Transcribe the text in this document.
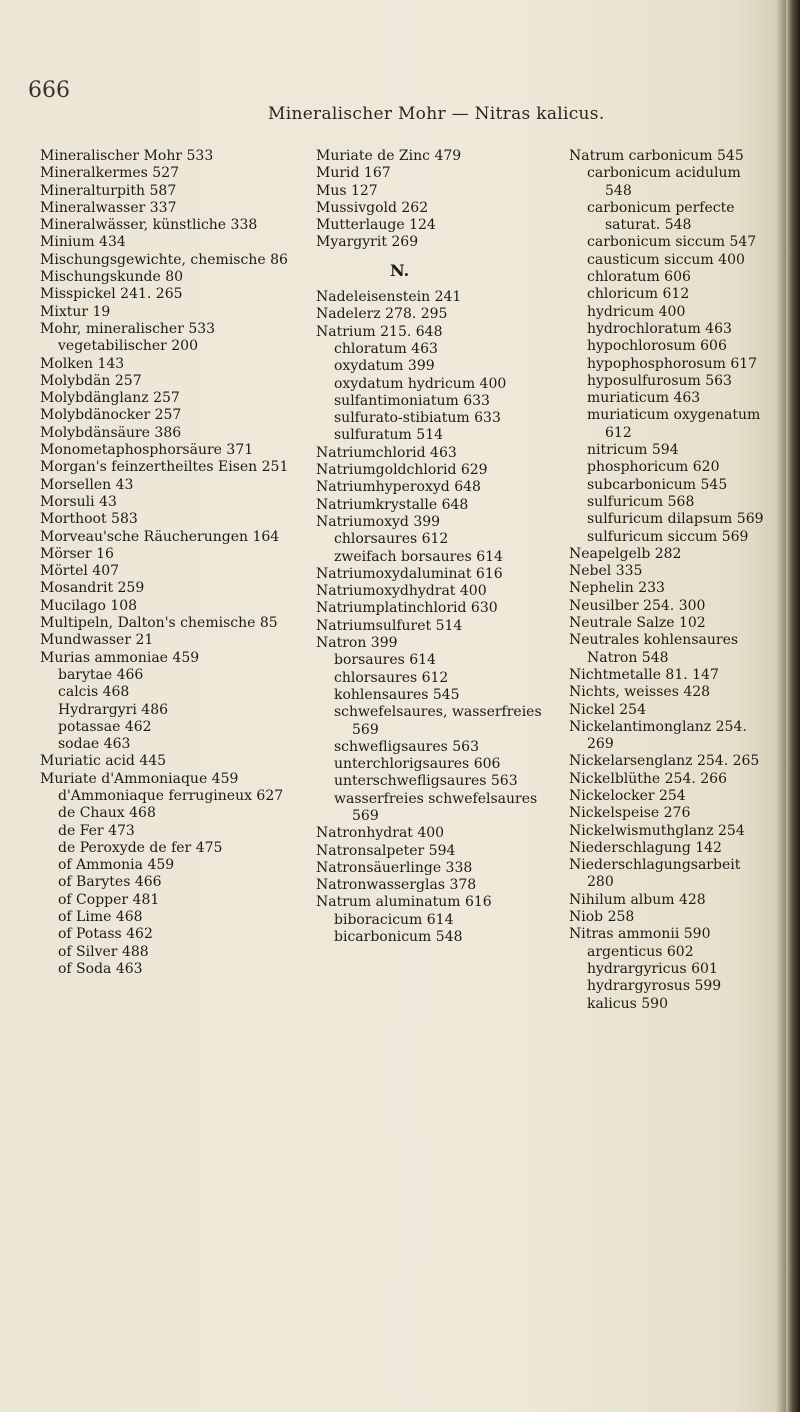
666
Mineralischer Mohr — Nitras kalicus.
Mineralischer Mohr 533
Mineralkermes 527
Mineralturpith 587
Mineralwasser 337
Mineralwässer, künstliche 338
Minium 434
Mischungsgewichte, chemische 86
Mischungskunde 80
Misspickel 241. 265
Mixtur 19
Mohr, mineralischer 533
vegetabilischer 200
Molken 143
Molybdän 257
Molybdänglanz 257
Molybdänocker 257
Molybdänsäure 386
Monometaphosphorsäure 371
Morgan's feinzertheiltes Eisen 251
Morsellen 43
Morsuli 43
Morthoot 583
Morveau'sche Räucherungen 164
Mörser 16
Mörtel 407
Mosandrit 259
Mucilago 108
Multipeln, Dalton's chemische 85
Mundwasser 21
Murias ammoniae 459
barytae 466
calcis 468
Hydrargyri 486
potassae 462
sodae 463
Muriatic acid 445
Muriate d'Ammoniaque 459
d'Ammoniaque ferrugineux 627
de Chaux 468
de Fer 473
de Peroxyde de fer 475
of Ammonia 459
of Barytes 466
of Copper 481
of Lime 468
of Potass 462
of Silver 488
of Soda 463
Muriate de Zinc 479
Murid 167
Mus 127
Mussivgold 262
Mutterlauge 124
Myargyrit 269
N.
Nadeleisenstein 241
Nadelerz 278. 295
Natrium 215. 648
chloratum 463
oxydatum 399
oxydatum hydricum 400
sulfantimoniatum 633
sulfurato-stibiatum 633
sulfuratum 514
Natriumchlorid 463
Natriumgoldchlorid 629
Natriumhyperoxyd 648
Natriumkrystalle 648
Natriumoxyd 399
chlorsaures 612
zweifach borsaures 614
Natriumoxydaluminat 616
Natriumoxydhydrat 400
Natriumplatinchlorid 630
Natriumsulfuret 514
Natron 399
borsaures 614
chlorsaures 612
kohlensaures 545
schwefelsaures, wasserfreies 569
schwefligsaures 563
unterchlorigsaures 606
unterschwefligsaures 563
wasserfreies schwefelsaures 569
Natronhydrat 400
Natronsalpeter 594
Natronsäuerlinge 338
Natronwasserglas 378
Natrum aluminatum 616
biboracicum 614
bicarbonicum 548
Natrum carbonicum 545
carbonicum acidulum 548
carbonicum perfecte saturat. 548
carbonicum siccum 547
causticum siccum 400
chloratum 606
chloricum 612
hydricum 400
hydrochloratum 463
hypochlorosum 606
hypophosphorosum 617
hyposulfurosum 563
muriaticum 463
muriaticum oxygenatum 612
nitricum 594
phosphoricum 620
subcarbonicum 545
sulfuricum 568
sulfuricum dilapsum 569
sulfuricum siccum 569
Neapelgelb 282
Nebel 335
Nephelin 233
Neusilber 254. 300
Neutrale Salze 102
Neutrales kohlensaures Natron 548
Nichtmetalle 81. 147
Nichts, weisses 428
Nickel 254
Nickelantimonglanz 254. 269
Nickelarsenglanz 254. 265
Nickelblüthe 254. 266
Nickelocker 254
Nickelspeise 276
Nickelwismuthglanz 254
Niederschlagung 142
Niederschlagungsarbeit 280
Nihilum album 428
Niob 258
Nitras ammonii 590
argenticus 602
hydrargyricus 601
hydrargyrosus 599
kalicus 590
